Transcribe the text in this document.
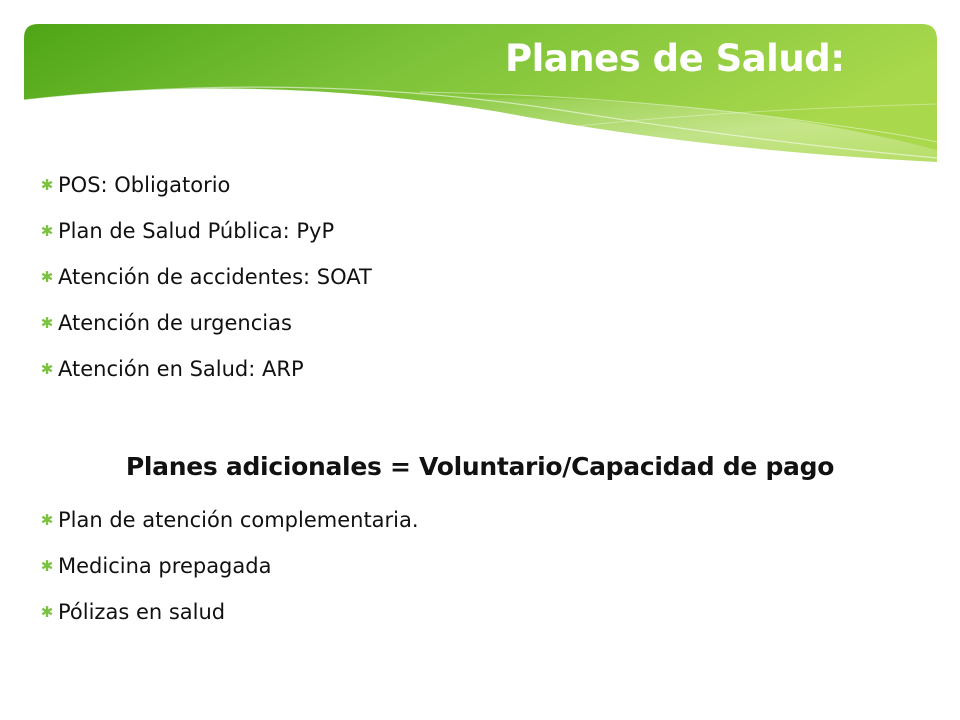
Planes de Salud:
✱ POS: Obligatorio
✱ Plan de Salud Pública: PyP
✱ Atención de accidentes: SOAT
✱ Atención de urgencias
✱ Atención en Salud: ARP
Planes adicionales = Voluntario/Capacidad de pago
✱ Plan de atención complementaria.
✱ Medicina prepagada
✱ Pólizas en salud
